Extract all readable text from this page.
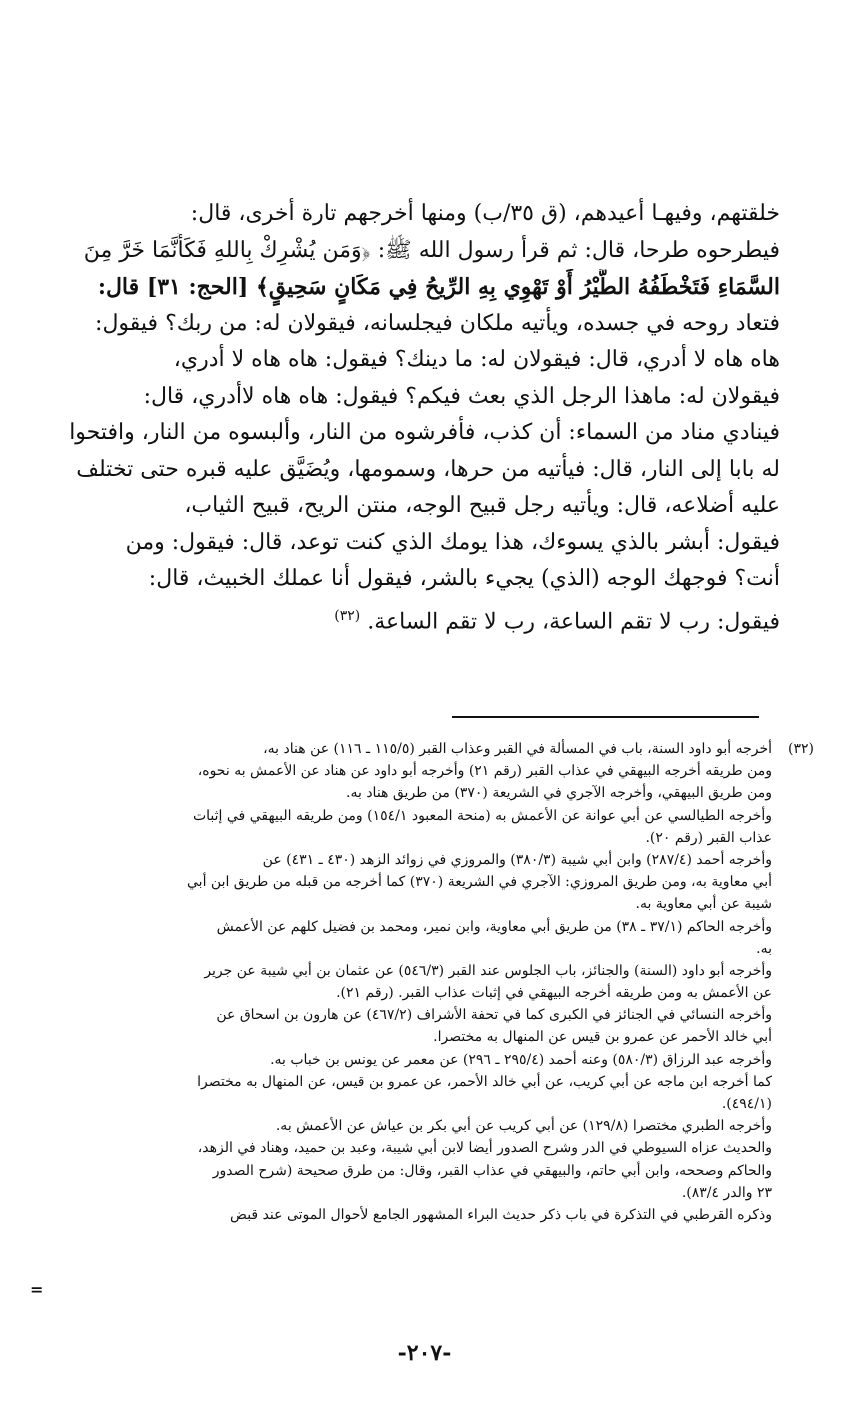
خلقتهم، وفيهـا أعيدهم، (ق ٣٥/ب) ومنها أخرجهم تارة أخرى، قال:
فيطرحوه طرحا، قال: ثم قرأ رسول الله ﷺ: ﴿وَمَن يُشْرِكْ بِاللهِ فَكَأَنَّمَا خَرَّ مِنَ
السَّمَاءِ فَتَخْطَفُهُ الطَّيْرُ أَوْ تَهْوِي بِهِ الرِّيحُ فِي مَكَانٍ سَحِيقٍ﴾ [الحج: ٣١] قال:
فتعاد روحه في جسده، ويأتيه ملكان فيجلسانه، فيقولان له: من ربك؟ فيقول:
هاه هاه لا أدري، قال: فيقولان له: ما دينك؟ فيقول: هاه هاه لا أدري،
فيقولان له: ماهذا الرجل الذي بعث فيكم؟ فيقول: هاه هاه لاأدري، قال:
فينادي مناد من السماء: أن كذب، فأفرشوه من النار، وألبسوه من النار، وافتحوا
له بابا إلى النار، قال: فيأتيه من حرها، وسمومها، ويُضَيَّق عليه قبره حتى تختلف
عليه أضلاعه، قال: ويأتيه رجل قبيح الوجه، منتن الريح، قبيح الثياب،
فيقول: أبشر بالذي يسوءك، هذا يومك الذي كنت توعد، قال: فيقول: ومن
أنت؟ فوجهك الوجه (الذي) يجيء بالشر، فيقول أنا عملك الخبيث، قال:
فيقول: رب لا تقم الساعة، رب لا تقم الساعة. $^{(٣٢)}$
(٣٢)
أخرجه أبو داود السنة، باب في المسألة في القبر وعذاب القبر (١١٥/٥ ـ ١١٦) عن هناد به،
ومن طريقه أخرجه البيهقي في عذاب القبر (رقم ٢١) وأخرجه أبو داود عن هناد عن الأعمش به نحوه،
ومن طريق البيهقي، وأخرجه الآجري في الشريعة (٣٧٠) من طريق هناد به.
وأخرجه الطيالسي عن أبي عوانة عن الأعمش به (منحة المعبود ١٥٤/١) ومن طريقه البيهقي في إثبات
عذاب القبر (رقم ٢٠).
وأخرجه أحمد (٢٨٧/٤) وابن أبي شيبة (٣٨٠/٣) والمروزي في زوائد الزهد (٤٣٠ ـ ٤٣١) عن
أبي معاوية به، ومن طريق المروزي: الآجري في الشريعة (٣٧٠) كما أخرجه من قبله من طريق ابن أبي
شيبة عن أبي معاوية به.
وأخرجه الحاكم (٣٧/١ ـ ٣٨) من طريق أبي معاوية، وابن نمير، ومحمد بن فضيل كلهم عن الأعمش
به.
وأخرجه أبو داود (السنة) والجنائز، باب الجلوس عند القبر (٥٤٦/٣) عن عثمان بن أبي شيبة عن جرير
عن الأعمش به ومن طريقه أخرجه البيهقي في إثبات عذاب القبر. (رقم ٢١).
وأخرجه النسائي في الجنائز في الكبرى كما في تحفة الأشراف (٤٦٧/٢) عن هارون بن اسحاق عن
أبي خالد الأحمر عن عمرو بن قيس عن المنهال به مختصرا.
وأخرجه عبد الرزاق (٥٨٠/٣) وعنه أحمد (٢٩٥/٤ ـ ٢٩٦) عن معمر عن يونس بن خباب به.
كما أخرجه ابن ماجه عن أبي كريب، عن أبي خالد الأحمر، عن عمرو بن قيس، عن المنهال به مختصرا
(٤٩٤/١).
وأخرجه الطبري مختصرا (١٢٩/٨) عن أبي كريب عن أبي بكر بن عياش عن الأعمش به.
والحديث عزاه السيوطي في الدر وشرح الصدور أيضا لابن أبي شيبة، وعبد بن حميد، وهناد في الزهد،
والحاكم وصححه، وابن أبي حاتم، والبيهقي في عذاب القبر، وقال: من طرق صحيحة (شرح الصدور
٢٣ والدر ٨٣/٤).
وذكره القرطبي في التذكرة في باب ذكر حديث البراء المشهور الجامع لأحوال الموتى عند قبض
=
-٢٠٧-
